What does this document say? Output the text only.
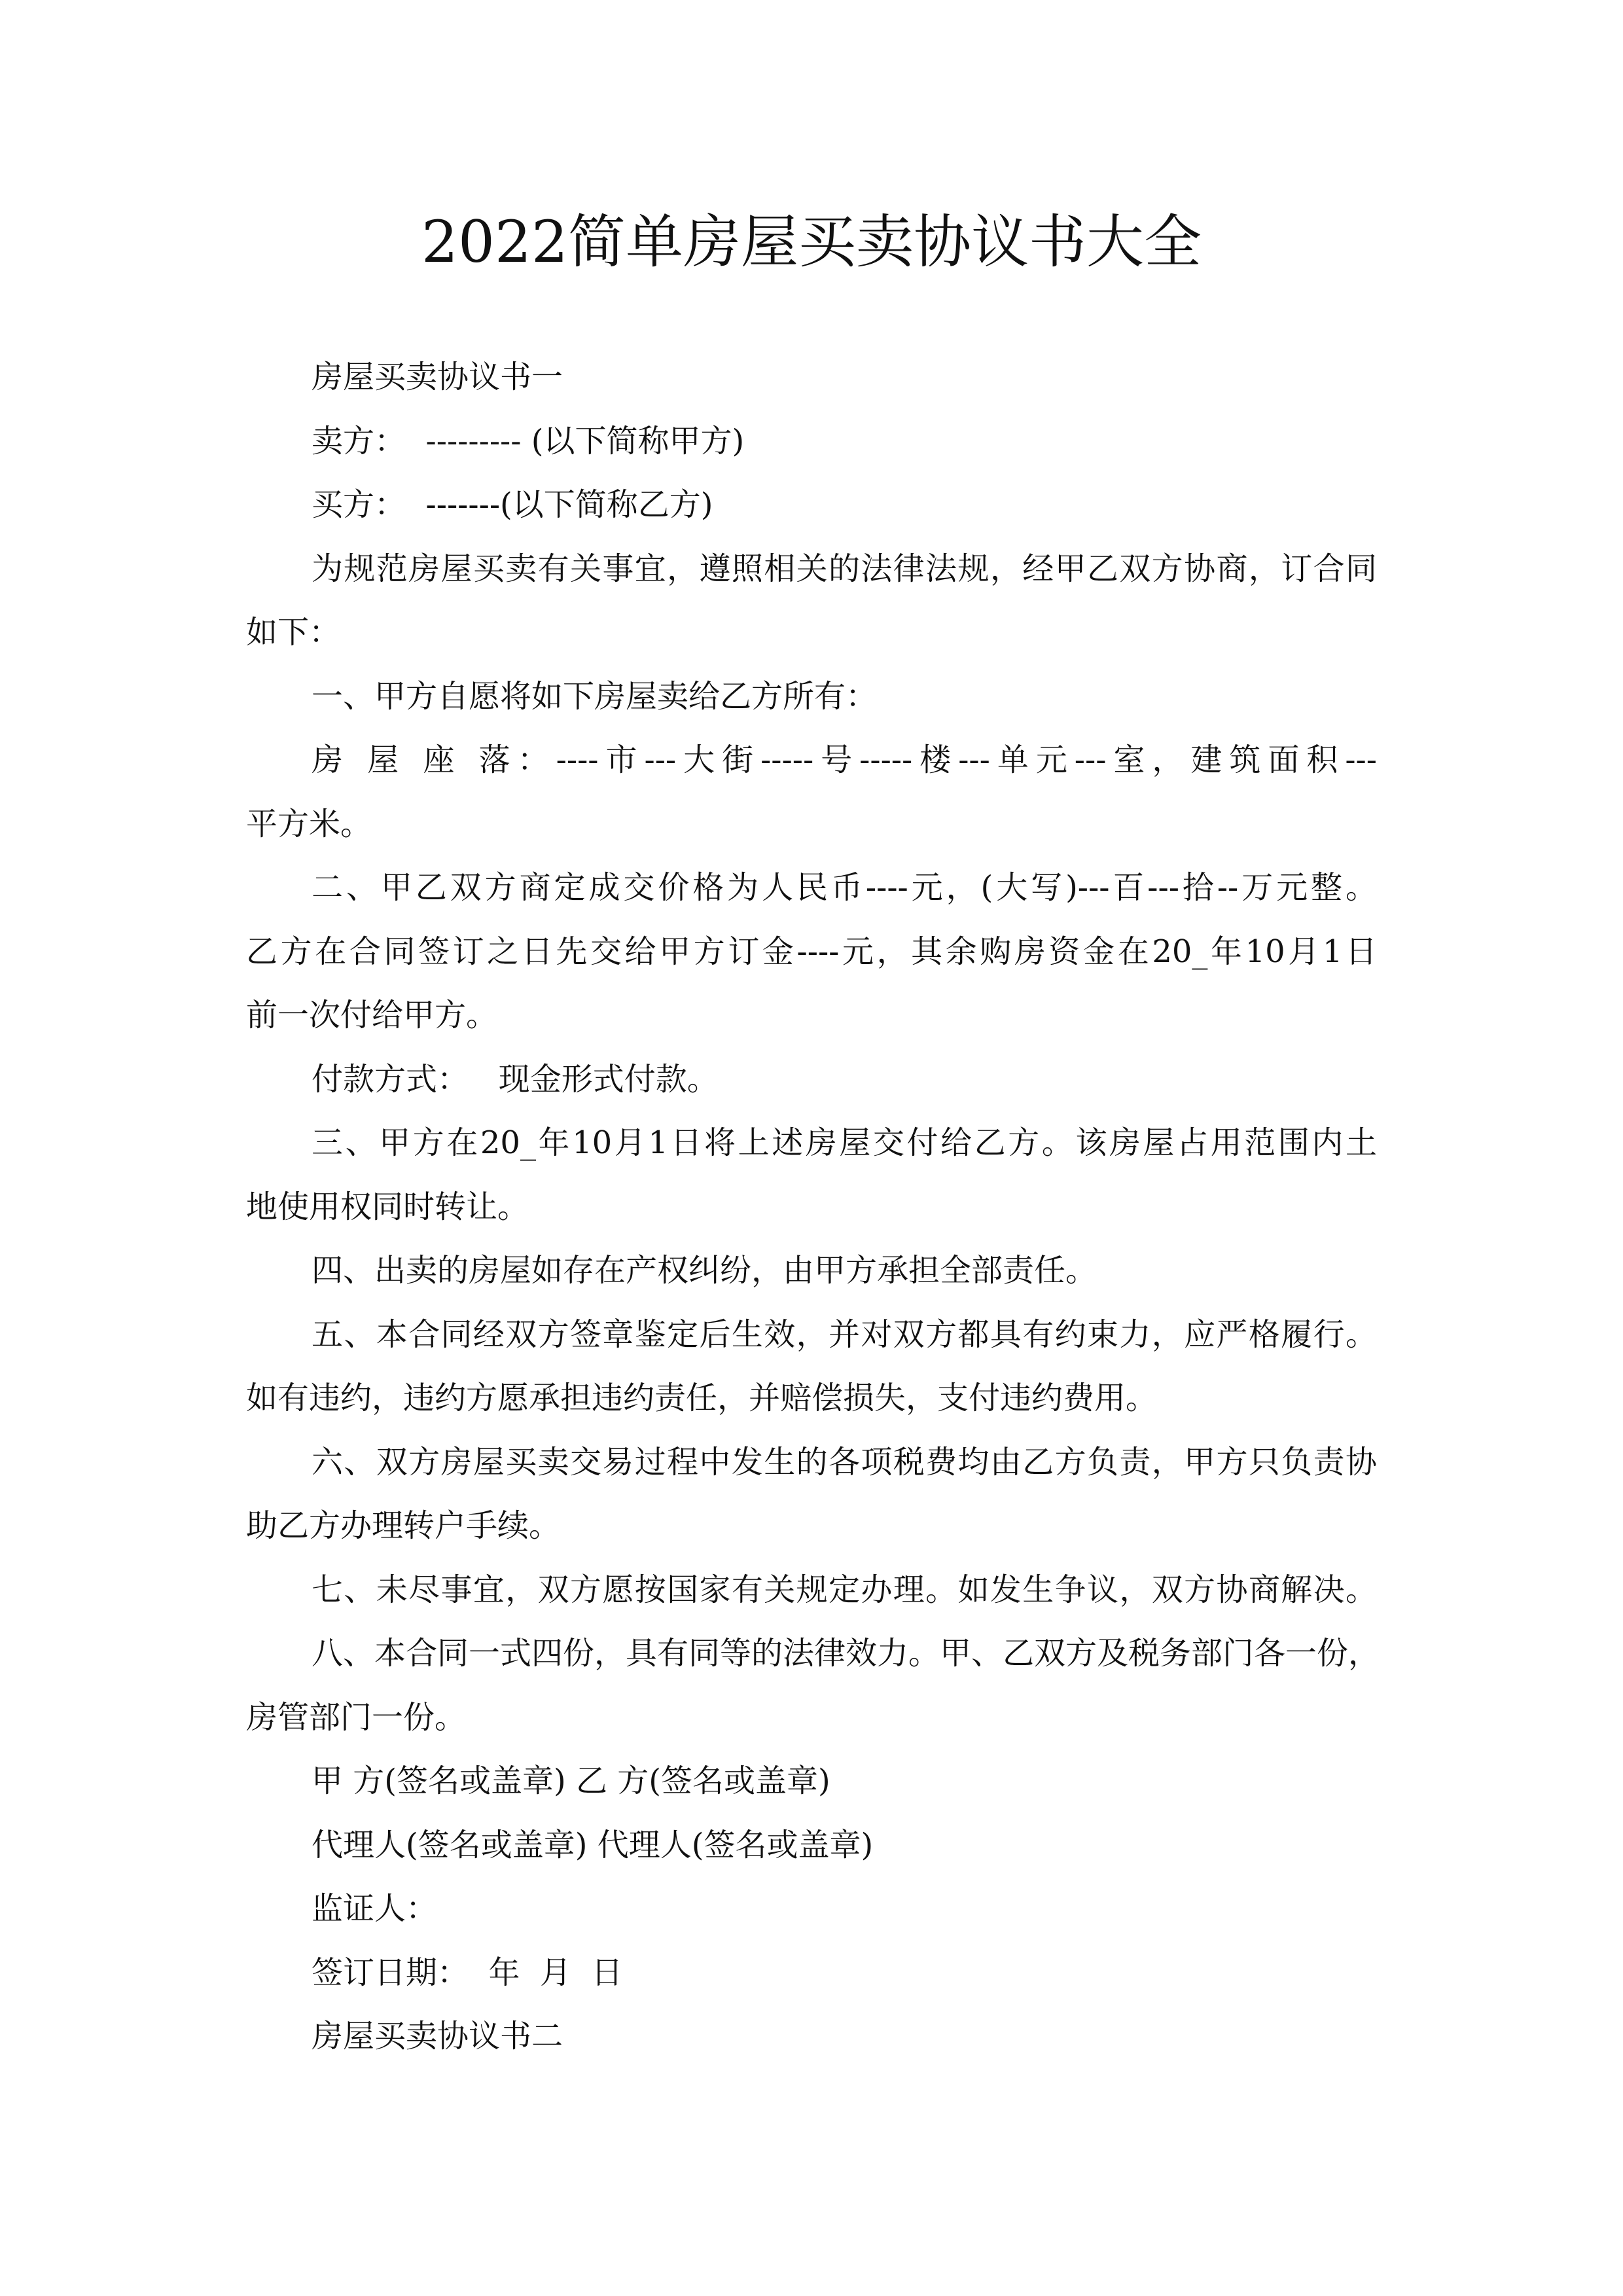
2022简单房屋买卖协议书大全
房屋买卖协议书一
卖方：  --------- (以下简称甲方)
买方：  -------(以下简称乙方)
为规范房屋买卖有关事宜，遵照相关的法律法规，经甲乙双方协商，订合同
如下：
一、甲方自愿将如下房屋卖给乙方所有：
房 屋 座 落：----市---大街-----号-----楼---单元---室，建筑面积---
平方米。
二、甲乙双方商定成交价格为人民币----元，(大写)---百---拾--万元整。
乙方在合同签订之日先交给甲方订金----元，其余购房资金在20_年10月1日
前一次付给甲方。
付款方式：   现金形式付款。
三、甲方在20_年10月1日将上述房屋交付给乙方。该房屋占用范围内土
地使用权同时转让。
四、出卖的房屋如存在产权纠纷，由甲方承担全部责任。
五、本合同经双方签章鉴定后生效，并对双方都具有约束力，应严格履行。
如有违约，违约方愿承担违约责任，并赔偿损失，支付违约费用。
六、双方房屋买卖交易过程中发生的各项税费均由乙方负责，甲方只负责协
助乙方办理转户手续。
七、未尽事宜，双方愿按国家有关规定办理。如发生争议，双方协商解决。
八、本合同一式四份，具有同等的法律效力。甲、乙双方及税务部门各一份，
房管部门一份。
甲 方(签名或盖章) 乙 方(签名或盖章)
代理人(签名或盖章) 代理人(签名或盖章)
监证人：
签订日期：  年  月  日
房屋买卖协议书二
